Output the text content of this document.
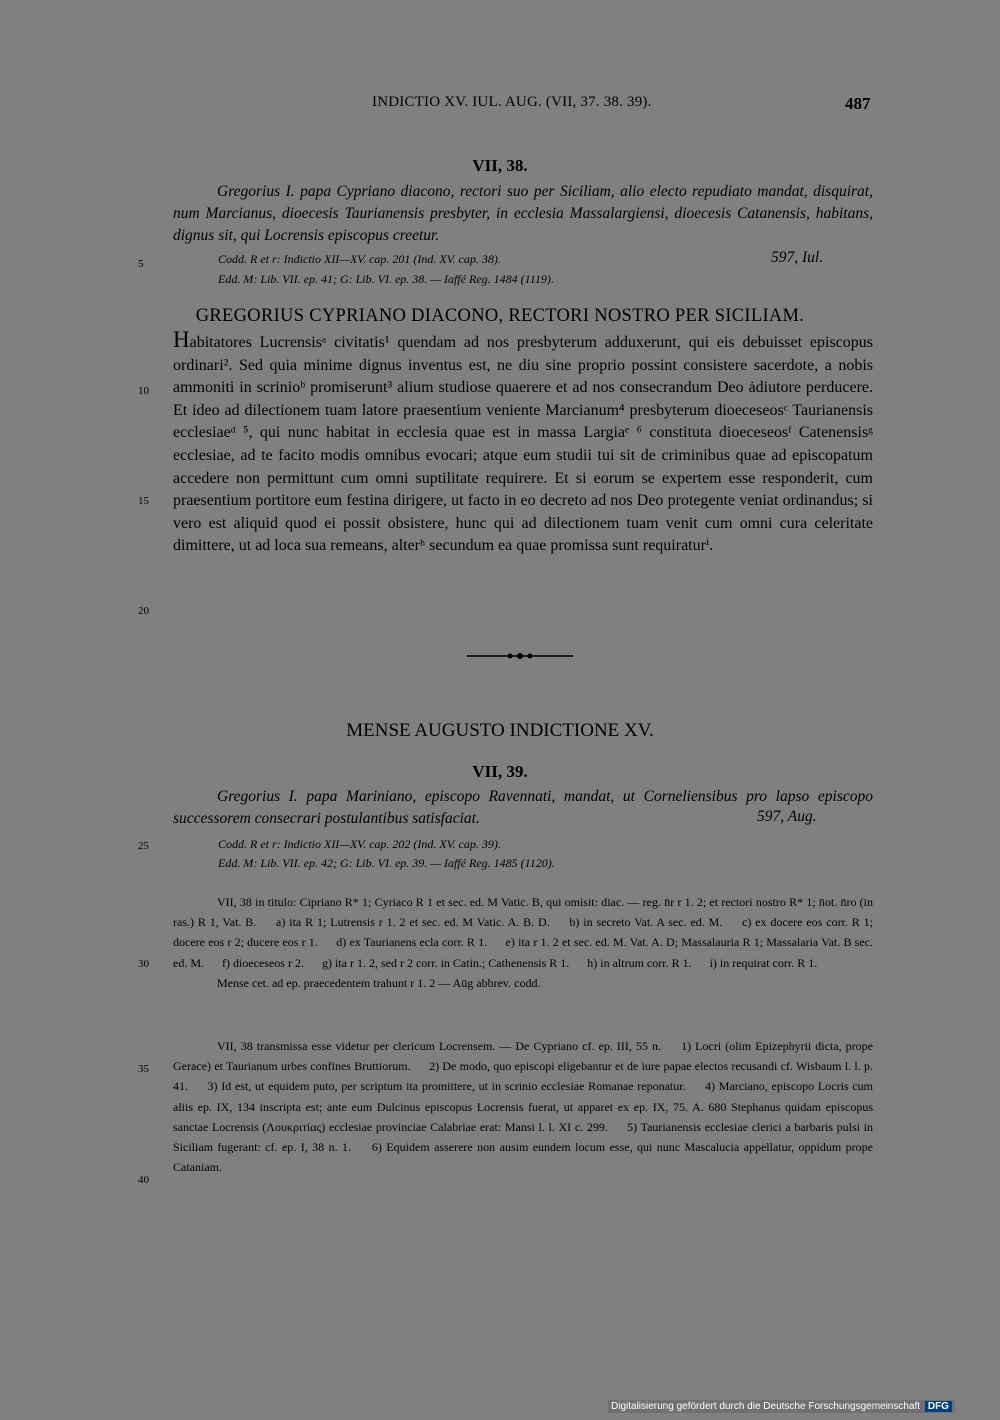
INDICTIO XV. IUL. AUG. (VII, 37. 38. 39).	487
VII, 38.

Gregorius I. papa Cypriano diacono, rectori suo per Siciliam, alio electo repudiato mandat, disquirat, num Marcianus, dioecesis Taurianensis presbyter, in ecclesia Massalargiensi, dioecesis Catanensis, habitans, dignus sit, qui Locrensis episcopus creetur.

Codd. R et r: Indictio XII—XV. cap. 201 (Ind. XV. cap. 38).	597, Iul.
Edd. M: Lib. VII. ep. 41; G: Lib. VI. ep. 38. — Iaffé Reg. 1484 (1119).
GREGORIUS CYPRIANO DIACONO, RECTORI NOSTRO PER SICILIAM.

Habitatores Lucrensisᵃ civitatis¹ quendam ad nos presbyterum adduxerunt, qui eis debuisset episcopus ordinari². Sed quia minime dignus inventus est, ne diu sine proprio possint consistere sacerdote, a nobis ammoniti in scrinioᵇ promiserunt³ alium studiose quaerere et ad nos consecrandum Deo ȧdiutore perducere. Et ideo ad dilectionem tuam latore praesentium veniente Marcianum⁴ presbyterum dioeceseosᶜ Taurianensis ecclesiaeᵈ ⁵, qui nunc habitat in ecclesia quae est in massa Largiaᵉ ⁶ constituta dioeceseosᶠ Catenensisᵍ ecclesiae, ad te facito modis omnibus evocari; atque eum studii tui sit de criminibus quae ad episcopatum accedere non permittunt cum omni suptilitate requirere. Et si eorum se expertem esse responderit, cum praesentium portitore eum festina dirigere, ut facto in eo decreto ad nos Deo protegente veniat ordinandus; si vero est aliquid quod ei possit obsistere, hunc qui ad dilectionem tuam venit cum omni cura celeritate dimittere, ut ad loca sua remeans, alterʰ secundum ea quae promissa sunt requiraturⁱ.

MENSE AUGUSTO INDICTIONE XV.
VII, 39.

Gregorius I. papa Mariniano, episcopo Ravennati, mandat, ut Corneliensibus pro lapso episcopo successorem consecrari postulantibus satisfaciat.	597, Aug.
Codd. R et r: Indictio XII—XV. cap. 202 (Ind. XV. cap. 39).
Edd. M: Lib. VII. ep. 42; G: Lib. VI. ep. 39. — Iaffé Reg. 1485 (1120).

VII, 38 in titulo: Cipriano R* 1; Cyriaco R 1 et sec. ed. M Vatic. B, qui omisit: diac. — reg. n̄r r 1. 2; et rectori nostro R* 1; n̄ot. n̄ro (in ras.) R 1, Vat. B.   a) ita R 1; Lutrensis r 1. 2 et sec. ed. M Vatic. A. B. D.   b) in secreto Vat. A sec. ed. M.   c) ex docere eos corr. R 1; docere eos r 2; ducere eos r 1.   d) ex Taurianens ecla corr. R 1.   e) ita r 1. 2 et sec. ed. M. Vat. A. D; Massalauria R 1; Massalaria Vat. B sec. ed. M.   f) dioeceseos r 2.   g) ita r 1. 2, sed r 2 corr. in Catin.; Cathenensis R 1.   h) in altrum corr. R 1.   i) in requirat corr. R 1.

Mense cet. ad ep. praecedentem trahunt r 1. 2 — Aūg abbrev. codd.

VII, 38 transmissa esse videtur per clericum Locrensem. — De Cypriano cf. ep. III, 55 n.   1) Locri (olim Epizephyrii dicta, prope Gerace) et Taurianum urbes confines Bruttiorum.   2) De modo, quo episcopi eligebantur et de iure papae electos recusandi cf. Wisbaum l. l. p. 41.   3) Id est, ut equidem puto, per scriptum ita promittere, ut in scrinio ecclesiae Romanae reponatur.   4) Marciano, episcopo Locris cum aliis ep. IX, 134 inscripta est; ante eum Dulcinus episcopus Locrensis fuerat, ut apparet ex ep. IX, 75. A. 680 Stephanus quidam episcopus sanctae Locrensis (Λουκριτίας) ecclesiae provinciae Calabriae erat: Mansi l. l. XI c. 299.   5) Taurianensis ecclesiae clerici a barbaris pulsi in Siciliam fugerant: cf. ep. I, 38 n. 1.   6) Equidem asserere non ausim eundem locum esse, qui nunc Mascalucia appellatur, oppidum prope Cataniam.

5
10
15
20
25
30
35
40
Digitalisierung gefördert durch die Deutsche Forschungsgemeinschaft DFG
